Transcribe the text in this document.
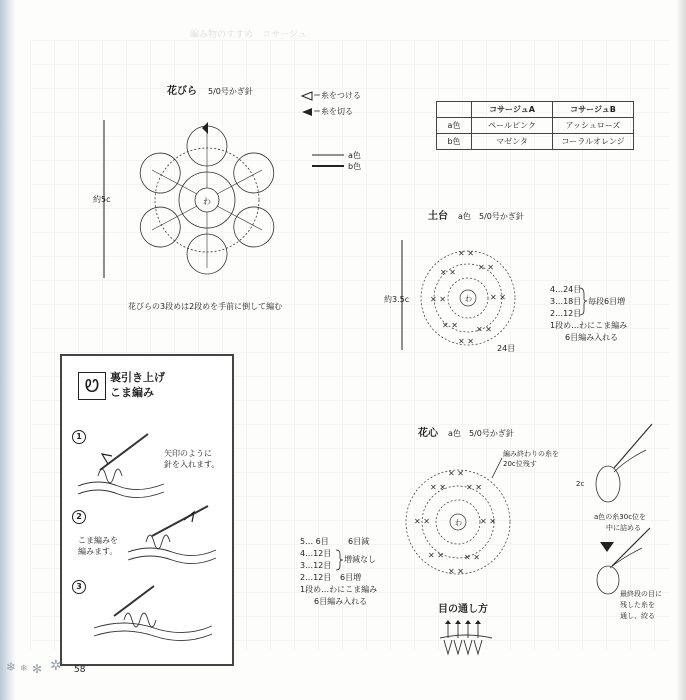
編み物のすすめ　コサージュ
花びら 5/0号かぎ針	＝糸をつける
＝糸を切る
a色
b色
約5c	わ
花びらの3段めは2段めを手前に倒して編む
	コサージュA	コサージュB
a色	ペールピンク	アッシュローズ
b色	マゼンタ	コーラルオレンジ
土台 a色 5/0号かぎ針
約3.5c	わ
✕ ✕
✕ ✕
✕ ✕	✕ ✕
✕ ✕ ✕ ✕
✕ ✕
✕ ✕
24目
4…24目
3…18目
2…12目
1段め…わにこま編み
6目編み入れる
毎段6目増
Ꮼ 裏引き上げ
こま編み
1
矢印のように
針を入れます。
2
こま編みを
編みます。
3
花心 a色 5/0号かぎ針
編み終わりの糸を
20c位残す
わ
✕ ✕	✕ ✕
✕ ✕	✕ ✕
✕ ✕	✕ ✕
✕ ✕
✕ ✕
5… 6目
4…12目
3…12目
2…12目
1段め…わにこま編み
6目編み入れる
6目減
増減なし
6目増
2c
a色の糸30c位を
中に詰める
最終段の目に
残した糸を
通し、絞る
目の通し方
❄ ❄ ✻ ✲ 58
